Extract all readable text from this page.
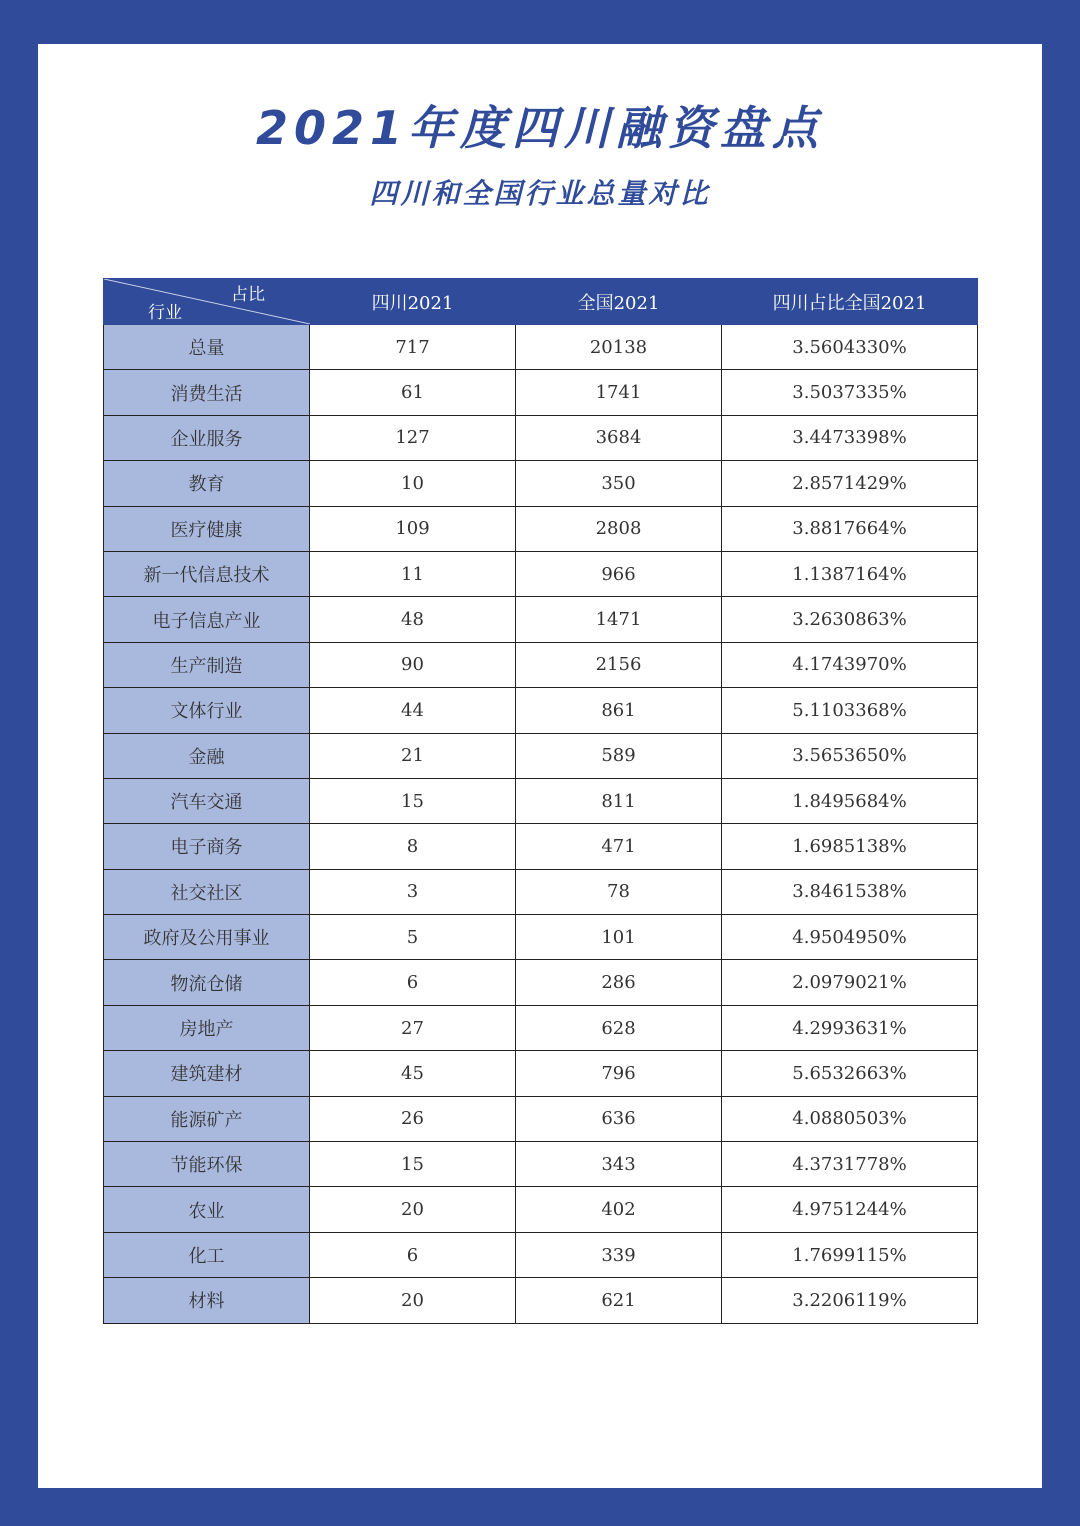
2021年度四川融资盘点
四川和全国行业总量对比
占比
行业	四川2021	全国2021	四川占比全国2021
总量	717	20138	3.5604330%
消费生活	61	1741	3.5037335%
企业服务	127	3684	3.4473398%
教育	10	350	2.8571429%
医疗健康	109	2808	3.8817664%
新一代信息技术	11	966	1.1387164%
电子信息产业	48	1471	3.2630863%
生产制造	90	2156	4.1743970%
文体行业	44	861	5.1103368%
金融	21	589	3.5653650%
汽车交通	15	811	1.8495684%
电子商务	8	471	1.6985138%
社交社区	3	78	3.8461538%
政府及公用事业	5	101	4.9504950%
物流仓储	6	286	2.0979021%
房地产	27	628	4.2993631%
建筑建材	45	796	5.6532663%
能源矿产	26	636	4.0880503%
节能环保	15	343	4.3731778%
农业	20	402	4.9751244%
化工	6	339	1.7699115%
材料	20	621	3.2206119%
